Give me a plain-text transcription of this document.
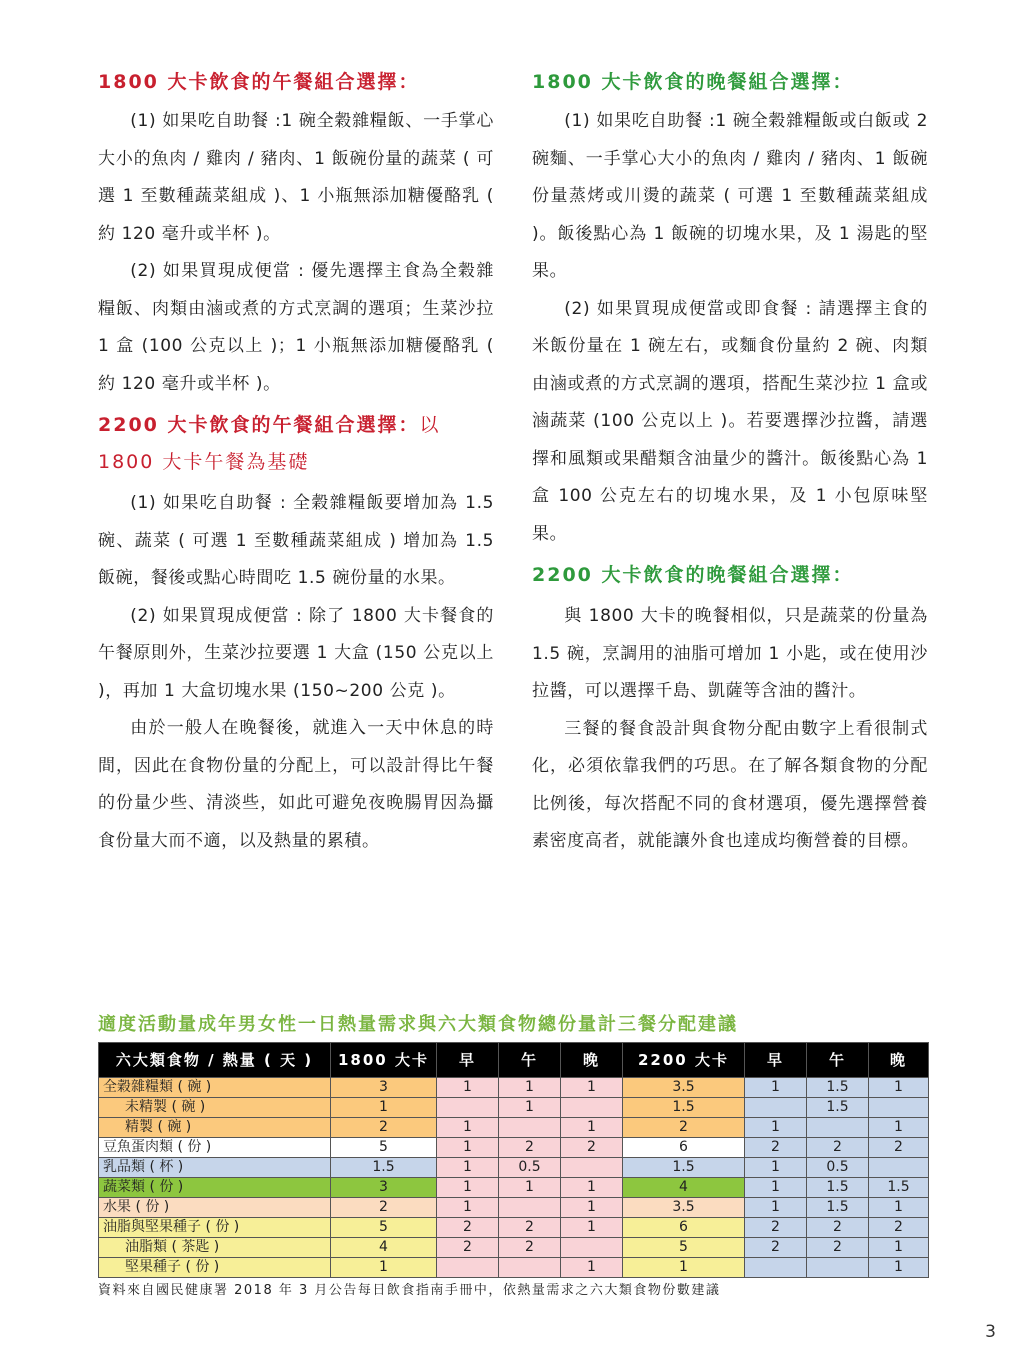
1800 大卡飲食的午餐組合選擇：

(1) 如果吃自助餐 :1 碗全穀雜糧飯、一手掌心大小的魚肉 / 雞肉 / 豬肉、1 飯碗份量的蔬菜 ( 可選 1 至數種蔬菜組成 )、1 小瓶無添加糖優酪乳 ( 約 120 毫升或半杯 )。

(2) 如果買現成便當 : 優先選擇主食為全穀雜糧飯、肉類由滷或煮的方式烹調的選項；生菜沙拉 1 盒 (100 公克以上 )；1 小瓶無添加糖優酪乳 ( 約 120 毫升或半杯 )。

2200 大卡飲食的午餐組合選擇：以 1800 大卡午餐為基礎

(1) 如果吃自助餐 : 全穀雜糧飯要增加為 1.5 碗、蔬菜 ( 可選 1 至數種蔬菜組成 ) 增加為 1.5 飯碗，餐後或點心時間吃 1.5 碗份量的水果。

(2) 如果買現成便當 : 除了 1800 大卡餐食的午餐原則外，生菜沙拉要選 1 大盒 (150 公克以上 )，再加 1 大盒切塊水果 (150~200 公克 )。

由於一般人在晚餐後，就進入一天中休息的時間，因此在食物份量的分配上，可以設計得比午餐的份量少些、清淡些，如此可避免夜晚腸胃因為攝食份量大而不適，以及熱量的累積。

1800 大卡飲食的晚餐組合選擇：

(1) 如果吃自助餐 :1 碗全穀雜糧飯或白飯或 2 碗麵、一手掌心大小的魚肉 / 雞肉 / 豬肉、1 飯碗份量蒸烤或川燙的蔬菜 ( 可選 1 至數種蔬菜組成 )。飯後點心為 1 飯碗的切塊水果，及 1 湯匙的堅果。

(2) 如果買現成便當或即食餐 : 請選擇主食的米飯份量在 1 碗左右，或麵食份量約 2 碗、肉類由滷或煮的方式烹調的選項，搭配生菜沙拉 1 盒或滷蔬菜 (100 公克以上 )。若要選擇沙拉醬，請選擇和風類或果醋類含油量少的醬汁。飯後點心為 1 盒 100 公克左右的切塊水果，及 1 小包原味堅果。

2200 大卡飲食的晚餐組合選擇：

與 1800 大卡的晚餐相似，只是蔬菜的份量為 1.5 碗，烹調用的油脂可增加 1 小匙，或在使用沙拉醬，可以選擇千島、凱薩等含油的醬汁。

三餐的餐食設計與食物分配由數字上看很制式化，必須依靠我們的巧思。在了解各類食物的分配比例後，每次搭配不同的食材選項，優先選擇營養素密度高者，就能讓外食也達成均衡營養的目標。

適度活動量成年男女性一日熱量需求與六大類食物總份量計三餐分配建議

六大類食物 / 熱量 ( 天 )	1800 大卡	早	午	晚	2200 大卡	早	午	晚
全穀雜糧類 ( 碗 )	3	1	1	1	3.5	1	1.5	1
未精製 ( 碗 )	1		1		1.5		1.5	
精製 ( 碗 )	2	1		1	2	1		1
豆魚蛋肉類 ( 份 )	5	1	2	2	6	2	2	2
乳品類 ( 杯 )	1.5	1	0.5		1.5	1	0.5	
蔬菜類 ( 份 )	3	1	1	1	4	1	1.5	1.5
水果 ( 份 )	2	1		1	3.5	1	1.5	1
油脂與堅果種子 ( 份 )	5	2	2	1	6	2	2	2
油脂類 ( 茶匙 )	4	2	2		5	2	2	1
堅果種子 ( 份 )	1			1	1			1

資料來自國民健康署 2018 年 3 月公告每日飲食指南手冊中，依熱量需求之六大類食物份數建議

3
